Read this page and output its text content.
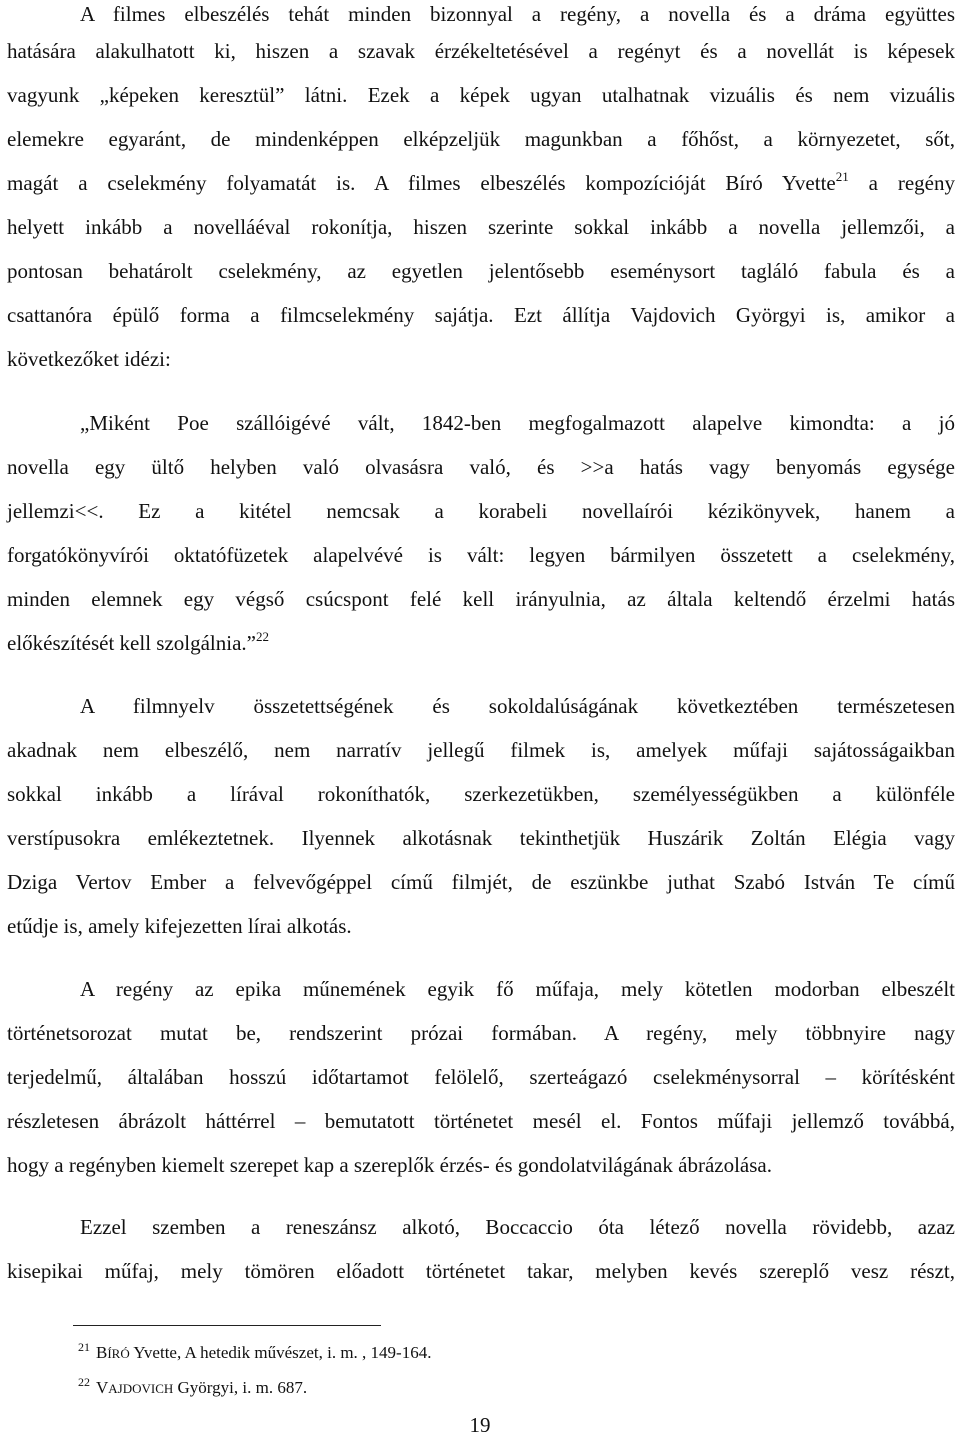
A filmes elbeszélés tehát minden bizonnyal a regény, a novella és a dráma együttes
hatására alakulhatott ki, hiszen a szavak érzékeltetésével a regényt és a novellát is képesek
vagyunk „képeken keresztül” látni. Ezek a képek ugyan utalhatnak vizuális és nem vizuális
elemekre egyaránt, de mindenképpen elképzeljük magunkban a főhőst, a környezetet, sőt,
magát a cselekmény folyamatát is. A filmes elbeszélés kompozícióját Bíró Yvette$^{21}$ a regény
helyett inkább a novelláéval rokonítja, hiszen szerinte sokkal inkább a novella jellemzői, a
pontosan behatárolt cselekmény, az egyetlen jelentősebb eseménysort tagláló fabula és a
csattanóra épülő forma a filmcselekmény sajátja. Ezt állítja Vajdovich Györgyi is, amikor a
következőket idézi:
„Miként Poe szállóigévé vált, 1842-ben megfogalmazott alapelve kimondta: a jó
novella egy ültő helyben való olvasásra való, és >>a hatás vagy benyomás egysége
jellemzi<<. Ez a kitétel nemcsak a korabeli novellaírói kézikönyvek, hanem a
forgatókönyvírói oktatófüzetek alapelvévé is vált: legyen bármilyen összetett a cselekmény,
minden elemnek egy végső csúcspont felé kell irányulnia, az általa keltendő érzelmi hatás
előkészítését kell szolgálnia.”$^{22}$
A filmnyelv összetettségének és sokoldalúságának következtében természetesen
akadnak nem elbeszélő, nem narratív jellegű filmek is, amelyek műfaji sajátosságaikban
sokkal inkább a lírával rokoníthatók, szerkezetükben, személyességükben a különféle
verstípusokra emlékeztetnek. Ilyennek alkotásnak tekinthetjük Huszárik Zoltán Elégia vagy
Dziga Vertov Ember a felvevőgéppel című filmjét, de eszünkbe juthat Szabó István Te című
etűdje is, amely kifejezetten lírai alkotás.
A regény az epika műnemének egyik fő műfaja, mely kötetlen modorban elbeszélt
történetsorozat mutat be, rendszerint prózai formában. A regény, mely többnyire nagy
terjedelmű, általában hosszú időtartamot felölelő, szerteágazó cselekménysorral – körítésként
részletesen ábrázolt háttérrel – bemutatott történetet mesél el. Fontos műfaji jellemző továbbá,
hogy a regényben kiemelt szerepet kap a szereplők érzés- és gondolatvilágának ábrázolása.
Ezzel szemben a reneszánsz alkotó, Boccaccio óta létező novella rövidebb, azaz
kisepikai műfaj, mely tömören előadott történetet takar, melyben kevés szereplő vesz részt,
$^{21}$ BÍRÓ Yvette, A hetedik művészet, i. m. , 149-164.
$^{22}$ VAJDOVICH Györgyi, i. m. 687.
19
